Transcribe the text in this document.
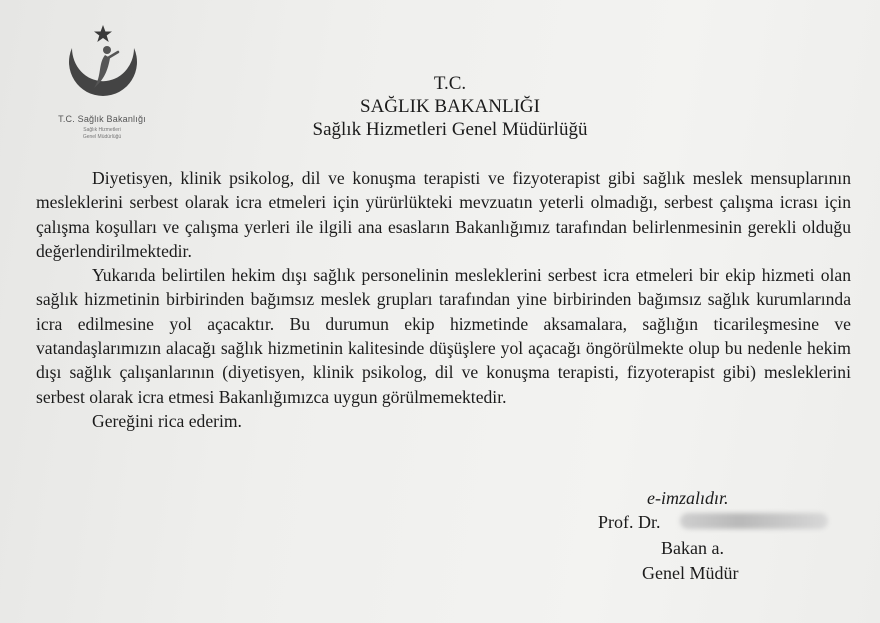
T.C. Sağlık Bakanlığı
Sağlık Hizmetleri
Genel Müdürlüğü
T.C.
SAĞLIK BAKANLIĞI
Sağlık Hizmetleri Genel Müdürlüğü

Diyetisyen, klinik psikolog, dil ve konuşma terapisti ve fizyoterapist gibi sağlık meslek mensuplarının mesleklerini serbest olarak icra etmeleri için yürürlükteki mevzuatın yeterli olmadığı, serbest çalışma icrası için çalışma koşulları ve çalışma yerleri ile ilgili ana esasların Bakanlığımız tarafından belirlenmesinin gerekli olduğu değerlendirilmektedir.

Yukarıda belirtilen hekim dışı sağlık personelinin mesleklerini serbest icra etmeleri bir ekip hizmeti olan sağlık hizmetinin birbirinden bağımsız meslek grupları tarafından yine birbirinden bağımsız sağlık kurumlarında icra edilmesine yol açacaktır. Bu durumun ekip hizmetinde aksamalara, sağlığın ticarileşmesine ve vatandaşlarımızın alacağı sağlık hizmetinin kalitesinde düşüşlere yol açacağı öngörülmekte olup bu nedenle hekim dışı sağlık çalışanlarının (diyetisyen, klinik psikolog, dil ve konuşma terapisti, fizyoterapist gibi) mesleklerini serbest olarak icra etmesi Bakanlığımızca uygun görülmemektedir.

Gereğini rica ederim.

e-imzalıdır.
Prof. Dr.
Bakan a.
Genel Müdür
